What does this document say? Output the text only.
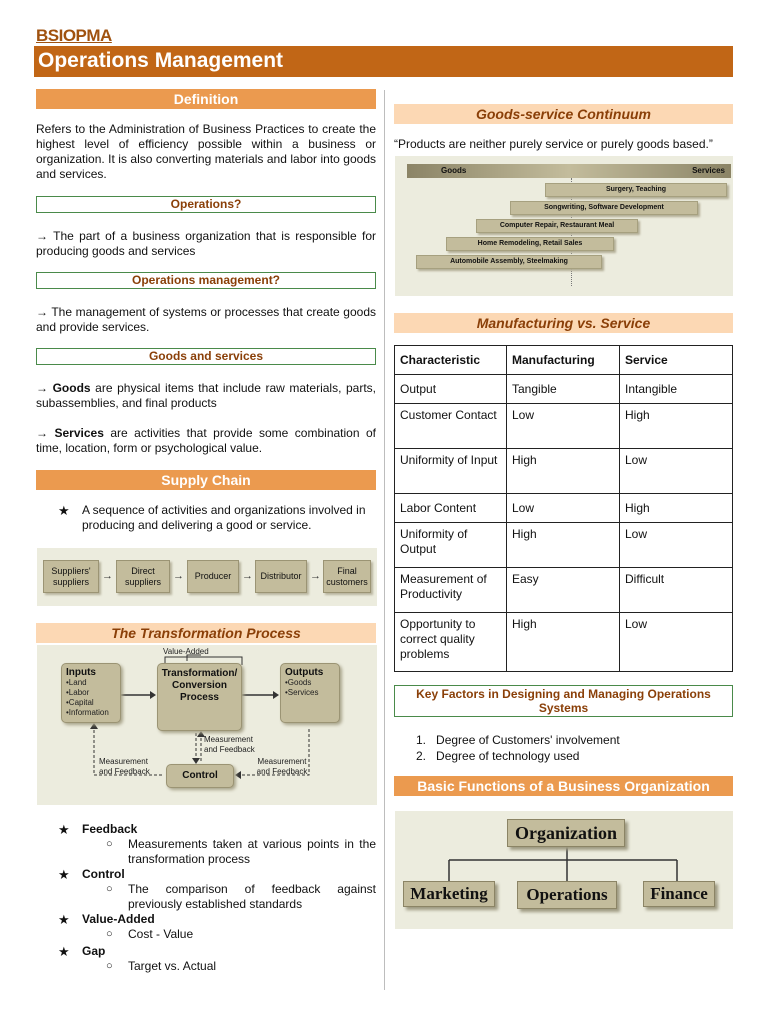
BSIOPMA
Operations Management
Definition
Refers to the Administration of Business Practices to create the highest level of efficiency possible within a business or organization. It is also converting materials and labor into goods and services.
Operations?
→ The part of a business organization that is responsible for producing goods and services
Operations management?
→ The management of systems or processes that create goods and provide services.
Goods and services
→ Goods are physical items that include raw materials, parts, subassemblies, and final products
→ Services are activities that provide some combination of time, location, form or psychological value.
Supply Chain
★ A sequence of activities and organizations involved in producing and delivering a good or service.
Suppliers' suppliers	→	Direct suppliers	→	Producer → Distributor →	Final customers
The Transformation Process
Value-Added
Inputs
•Land
•Labor
•Capital
•Information
Transformation/ Conversion Process
Outputs
•Goods
•Services
Measurement and Feedback
Measurement and Feedback
Measurement and Feedback
Control
★ Feedback
○ Measurements taken at various points in the transformation process
★ Control
○ The comparison of feedback against previously established standards
★ Value-Added
○ Cost - Value
★ Gap
○ Target vs. Actual
Goods-service Continuum
“Products are neither purely service or purely goods based.”
Goods	Services
Surgery, Teaching
Songwriting, Software Development
Computer Repair, Restaurant Meal
Home Remodeling, Retail Sales
Automobile Assembly, Steelmaking
Manufacturing vs. Service
Characteristic	Manufacturing	Service
Output	Tangible	Intangible
Customer Contact	Low	High
Uniformity of Input	High	Low
Labor Content	Low	High
Uniformity of Output	High	Low
Measurement of Productivity	Easy	Difficult
Opportunity to correct quality problems	High	Low
Key Factors in Designing and Managing Operations Systems
1. Degree of Customers' involvement
2. Degree of technology used
Basic Functions of a Business Organization
Organization
Marketing	Operations	Finance
